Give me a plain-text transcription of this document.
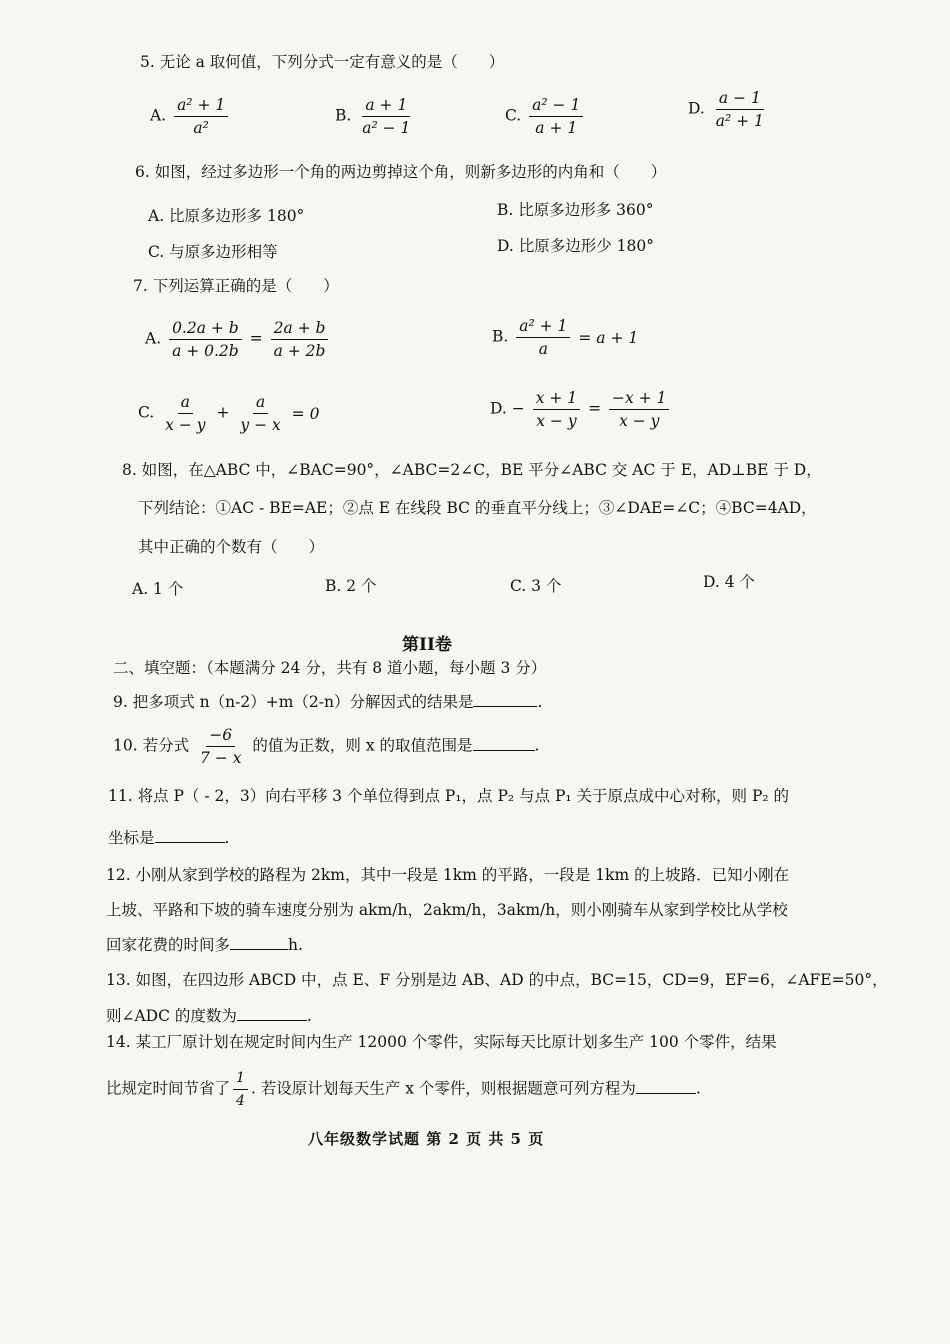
5. 无论 a 取何值，下列分式一定有意义的是（　　）
A. $\frac{\text{a² + 1}}{\text{a²}}$	B. $\frac{a + 1}{\text{a² − 1}}$	C. $\frac{\text{a² − 1}}{a + 1}$	D. $\frac{a - 1}{\text{a² + 1}}$
6. 如图，经过多边形一个角的两边剪掉这个角，则新多边形的内角和（　　）
A. 比原多边形多 180°	B. 比原多边形多 360°
C. 与原多边形相等	D. 比原多边形少 180°
7. 下列运算正确的是（　　）
A. $\frac{0.2a + b}{a + 0.2b} = \frac{2a + b}{a + 2b}$	B. $\frac{\text{a² + 1}}{a} = a + 1$
C. $\frac{a}{x - y} + \frac{a}{y - x} = 0$	D. − $\frac{x + 1}{x - y} = \frac{-x + 1}{x - y}$
8. 如图，在△ABC 中，∠BAC=90°，∠ABC=2∠C，BE 平分∠ABC 交 AC 于 E，AD⊥BE 于 D，
下列结论：①AC - BE=AE；②点 E 在线段 BC 的垂直平分线上；③∠DAE=∠C；④BC=4AD，
其中正确的个数有（　　）
A. 1 个	B. 2 个	C. 3 个	D. 4 个
第II卷
二、填空题：（本题满分 24 分，共有 8 道小题，每小题 3 分）
9. 把多项式 n（n-2）+m（2-n）分解因式的结果是	.
10. 若分式 $\frac{-6}{7 - x}$ 的值为正数，则 x 的取值范围是	.
11. 将点 P（ - 2，3）向右平移 3 个单位得到点 P₁，点 P₂ 与点 P₁ 关于原点成中心对称，则 P₂ 的
坐标是	.
12. 小刚从家到学校的路程为 2km，其中一段是 1km 的平路，一段是 1km 的上坡路．已知小刚在
上坡、平路和下坡的骑车速度分别为 akm/h，2akm/h，3akm/h，则小刚骑车从家到学校比从学校
回家花费的时间多	h.
13. 如图，在四边形 ABCD 中，点 E、F 分别是边 AB、AD 的中点，BC=15，CD=9，EF=6，∠AFE=50°，
则∠ADC 的度数为	.
14. 某工厂原计划在规定时间内生产 12000 个零件，实际每天比原计划多生产 100 个零件，结果
比规定时间节省了 $\frac{1}{4}$ . 若设原计划每天生产 x 个零件，则根据题意可列方程为	.
八年级数学试题 第 2 页 共 5 页
